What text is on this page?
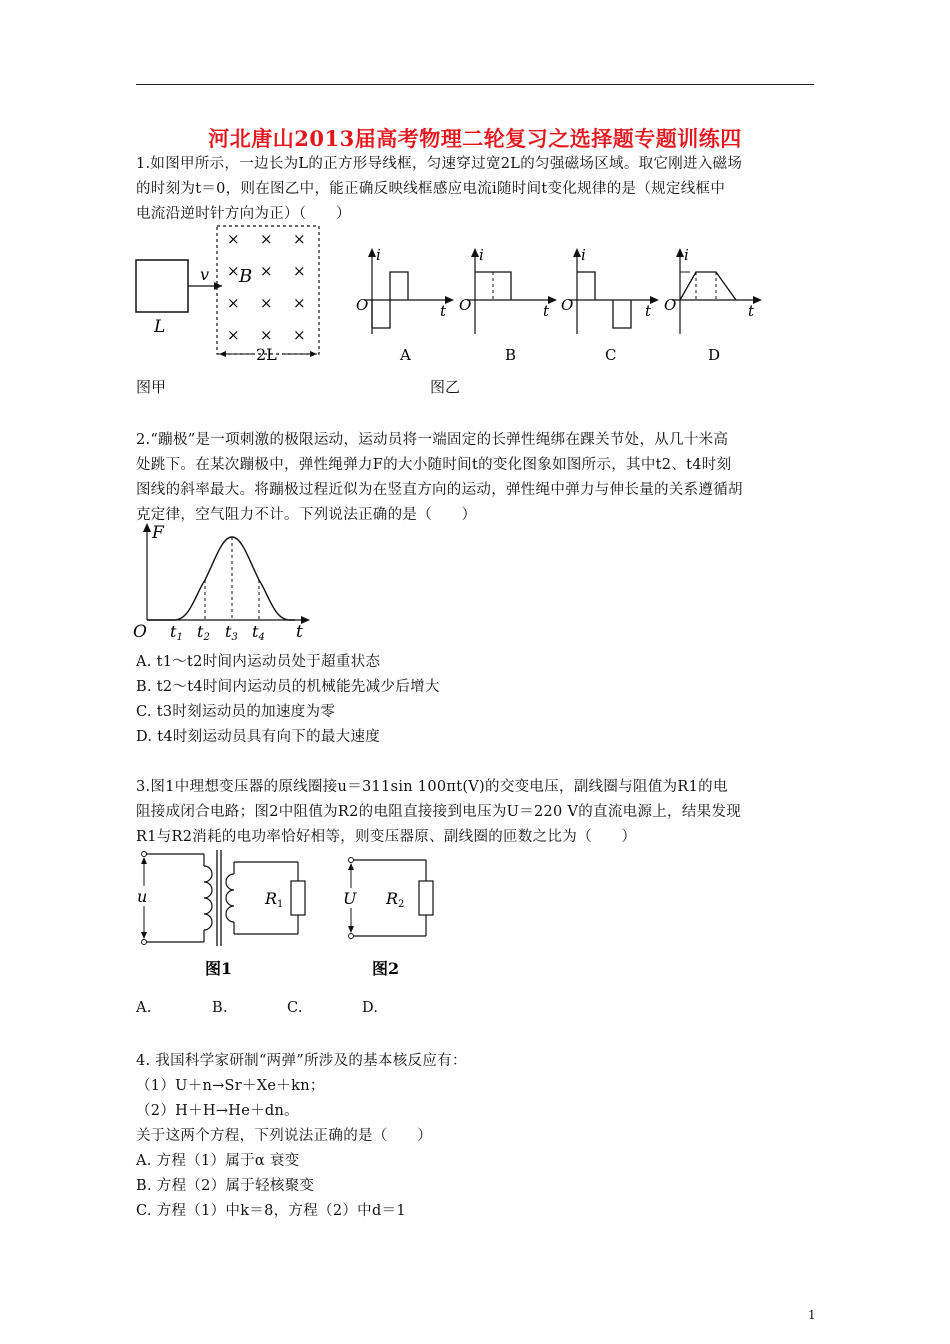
河北唐山2013届高考物理二轮复习之选择题专题训练四
1.如图甲所示，一边长为L的正方形导线框，匀速穿过宽2L的匀强磁场区域。取它刚进入磁场
的时刻为t＝0，则在图乙中，能正确反映线框感应电流i随时间t变化规律的是（规定线框中
电流沿逆时针方向为正）（　　）
L
v
× × ×
× × ×
× × ×
× × ×
B
2L
i
O	t
A
i
O	t
B
i
O	t
C
i
O	t
D
图甲	图乙
2.“蹦极”是一项刺激的极限运动，运动员将一端固定的长弹性绳绑在踝关节处，从几十米高
处跳下。在某次蹦极中，弹性绳弹力F的大小随时间t的变化图象如图所示，其中t2、t4时刻
图线的斜率最大。将蹦极过程近似为在竖直方向的运动，弹性绳中弹力与伸长量的关系遵循胡
克定律，空气阻力不计。下列说法正确的是（　　）
F
O	t
t1 t2 t3 t4
A. t1～t2时间内运动员处于超重状态
B. t2～t4时间内运动员的机械能先减少后增大
C. t3时刻运动员的加速度为零
D. t4时刻运动员具有向下的最大速度
3.图1中理想变压器的原线圈接u＝311sin 100πt(V)的交变电压，副线圈与阻值为R1的电
阻接成闭合电路；图2中阻值为R2的电阻直接接到电压为U＝220 V的直流电源上，结果发现
R1与R2消耗的电功率恰好相等，则变压器原、副线圈的匝数之比为（　　）
u	R1
图1
U R2
图2
A.	B.	C.	D.
4. 我国科学家研制“两弹”所涉及的基本核反应有：
（1）U＋n→Sr＋Xe＋kn；
（2）H＋H→He＋dn。
关于这两个方程，下列说法正确的是（　　）
A. 方程（1）属于α 衰变
B. 方程（2）属于轻核聚变
C. 方程（1）中k＝8，方程（2）中d＝1
1
